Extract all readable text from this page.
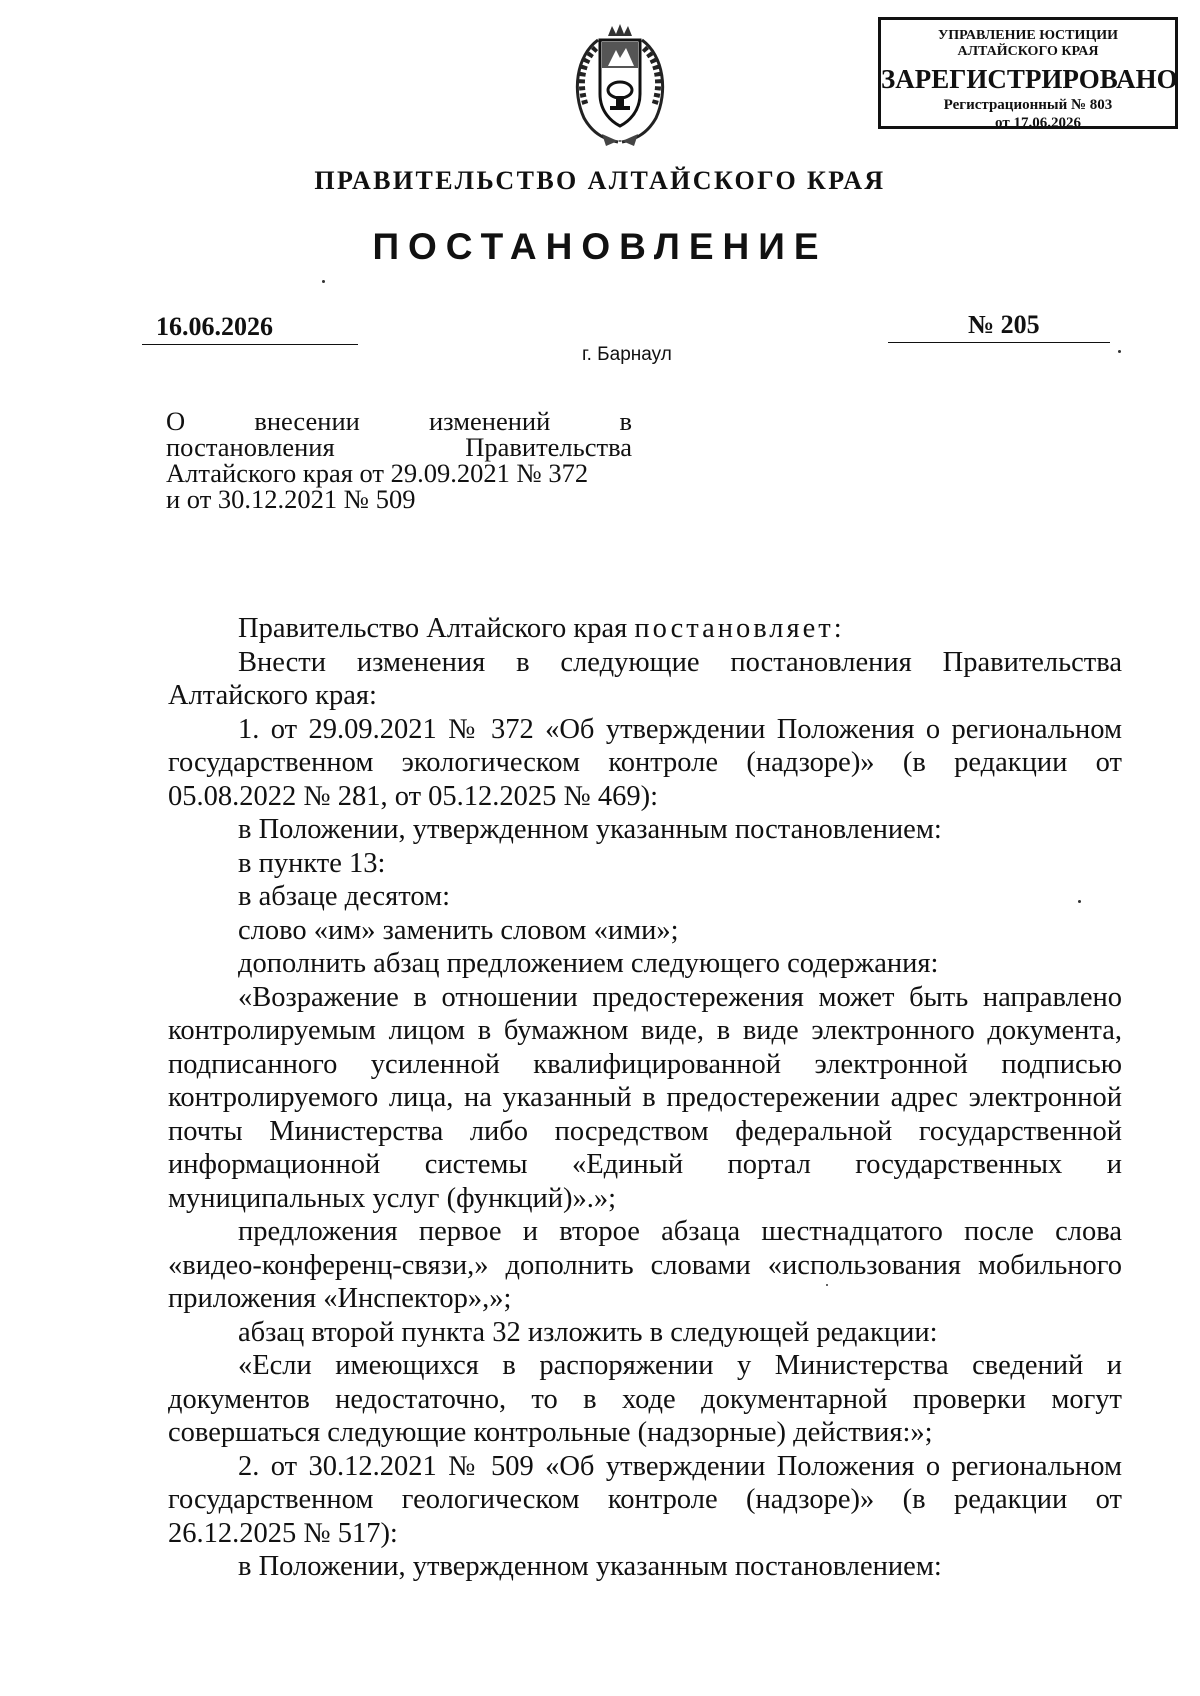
УПРАВЛЕНИЕ ЮСТИЦИИ
АЛТАЙСКОГО КРАЯ
ЗАРЕГИСТРИРОВАНО
Регистрационный № 803
от 17.06.2026
ПРАВИТЕЛЬСТВО АЛТАЙСКОГО КРАЯ
ПОСТАНОВЛЕНИЕ
16.06.2026	№ 205
г. Барнаул
О	внесении	изменений	в
постановления	Правительства
Алтайского края от 29.09.2021 № 372
и от 30.12.2021 № 509

Правительство Алтайского края постановляет:

Внести изменения в следующие постановления Правительства Алтайского края:

1. от 29.09.2021 № 372 «Об утверждении Положения о региональном государственном экологическом контроле (надзоре)» (в редакции от 05.08.2022 № 281, от 05.12.2025 № 469):

в Положении, утвержденном указанным постановлением:

в пункте 13:

в абзаце десятом:

слово «им» заменить словом «ими»;

дополнить абзац предложением следующего содержания:

«Возражение в отношении предостережения может быть направлено контролируемым лицом в бумажном виде, в виде электронного документа, подписанного усиленной квалифицированной электронной подписью контролируемого лица, на указанный в предостережении адрес электронной почты Министерства либо посредством федеральной государственной информационной системы «Единый портал государственных и муниципальных услуг (функций)».»;

предложения первое и второе абзаца шестнадцатого после слова «видео-конференц-связи,» дополнить словами «использования мобильного приложения «Инспектор»,»;

абзац второй пункта 32 изложить в следующей редакции:

«Если имеющихся в распоряжении у Министерства сведений и документов недостаточно, то в ходе документарной проверки могут совершаться следующие контрольные (надзорные) действия:»;

2. от 30.12.2021 № 509 «Об утверждении Положения о региональном государственном геологическом контроле (надзоре)» (в редакции от 26.12.2025 № 517):

в Положении, утвержденном указанным постановлением:
